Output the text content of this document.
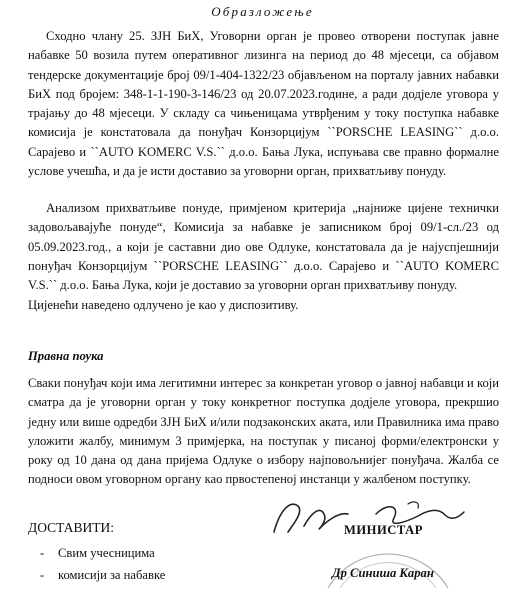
Образложење
Сходно члану 25. ЗЈН БиХ, Уговорни орган је провео отворени поступак јавне набавке 50 возила путем оперативног лизинга на период до 48 мјесеци, са објавом тендерске документације број 09/1-404-1322/23 објављеном на порталу јавних набавки БиХ под бројем: 348-1-1-190-3-146/23 од 20.07.2023.године, а ради додјеле уговора у трајању до 48 мјесеци. У складу са чињеницама утврђеним у току поступка набавке комисија је констатовала да понуђач Конзорцијум ``PORSCHE LEASING`` д.о.о. Сарајево и ``AUTO KOMERC V.S.`` д.о.о. Бања Лука, испуњава све правно формалне услове учешћа, и да је исти доставио за уговорни орган, прихватљиву понуду.
Анализом прихватљиве понуде, примјеном критерија „најниже цијене технички задовољавајуће понуде“, Комисија за набавке је записником број 09/1-сл./23 од 05.09.2023.год., а који је саставни дио ове Одлуке, констатовала да је најуспјешнији понуђач Конзорцијум ``PORSCHE LEASING`` д.о.о. Сарајево и ``AUTO KOMERC V.S.`` д.о.о. Бања Лука, који је доставио за уговорни орган прихватљиву понуду.
Цијенећи наведено одлучено је као у диспозитиву.
Правна поука
Сваки понуђач који има легитимни интерес за конкретан уговор о јавној набавци и који сматра да је уговорни орган у току конкретног поступка додјеле уговора, прекршио једну или више одредби ЗЈН БиХ и/или подзаконских аката, или Правилника има право уложити жалбу, минимум 3 примјерка, на поступак у писаној форми/електронски у року од 10 дана од дана пријема Одлуке о избору најповољнијег понуђача. Жалба се подноси овом уговорном органу као првостепеној инстанци у жалбеном поступку.
МИНИСТАР
ДОСТАВИТИ:
- Свим учесницима
- комисији за набавке	Др Синиша Каран
